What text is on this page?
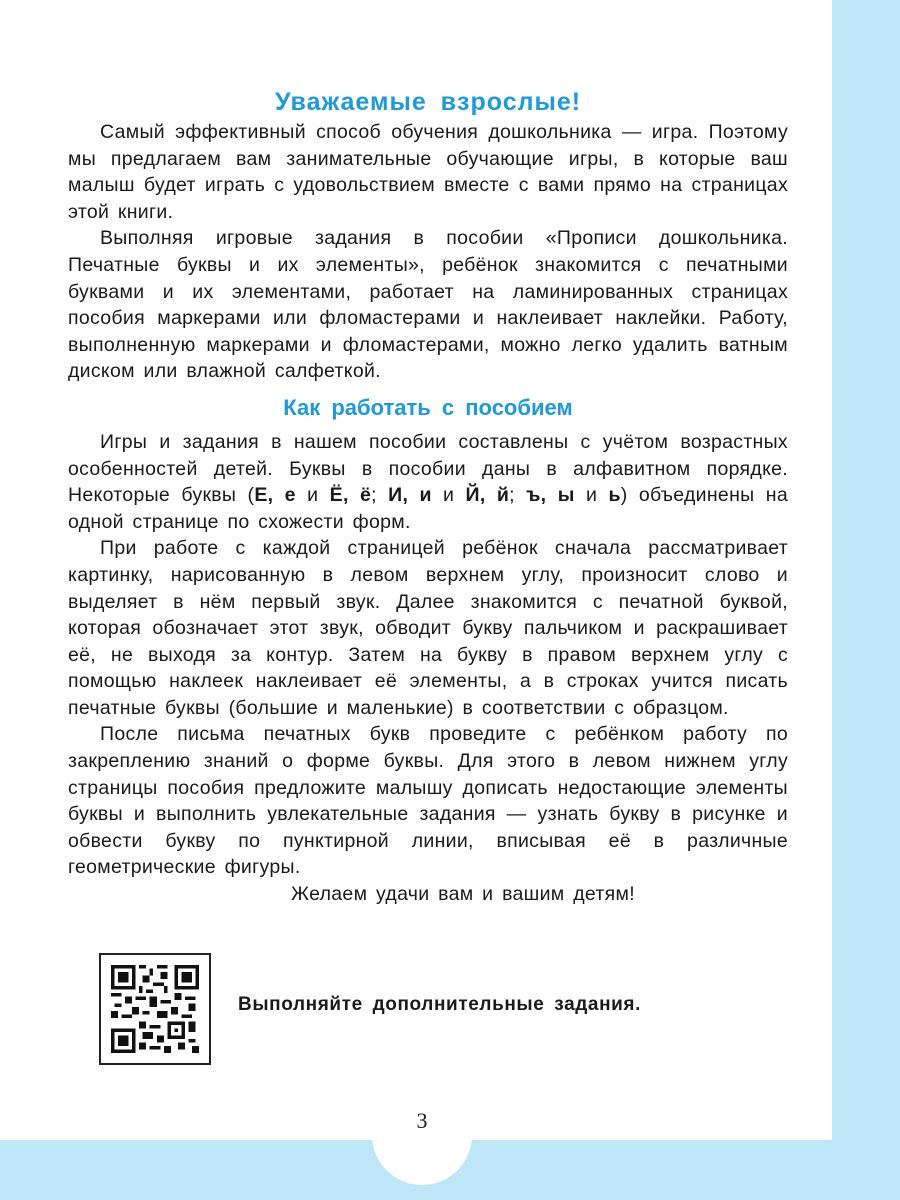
Уважаемые взрослые!

Самый эффективный способ обучения дошкольника — игра. Поэтому мы предлагаем вам занимательные обучающие игры, в которые ваш малыш будет играть с удовольствием вместе с вами прямо на страницах этой книги.

Выполняя игровые задания в пособии «Прописи дошкольника. Печатные буквы и их элементы», ребёнок знакомится с печатными буквами и их элементами, работает на ламинированных страницах пособия маркерами или фломастерами и наклеивает наклейки. Работу, выполненную маркерами и фломастерами, можно легко удалить ватным диском или влажной салфеткой.

Как работать с пособием

Игры и задания в нашем пособии составлены с учётом возрастных особенностей детей. Буквы в пособии даны в алфавитном порядке. Некоторые буквы (Е, е и Ё, ё; И, и и Й, й; ъ, ы и ь) объединены на одной странице по схожести форм.

При работе с каждой страницей ребёнок сначала рассматривает картинку, нарисованную в левом верхнем углу, произносит слово и выделяет в нём первый звук. Далее знакомится с печатной буквой, которая обозначает этот звук, обводит букву пальчиком и раскрашивает её, не выходя за контур. Затем на букву в правом верхнем углу с помощью наклеек наклеивает её элементы, а в строках учится писать печатные буквы (большие и маленькие) в соответствии с образцом.

После письма печатных букв проведите с ребёнком работу по закреплению знаний о форме буквы. Для этого в левом нижнем углу страницы пособия предложите малышу дописать недостающие элементы буквы и выполнить увлекательные задания — узнать букву в рисунке и обвести букву по пунктирной линии, вписывая её в различные геометрические фигуры.

Желаем удачи вам и вашим детям!

Выполняйте дополнительные задания.
3
